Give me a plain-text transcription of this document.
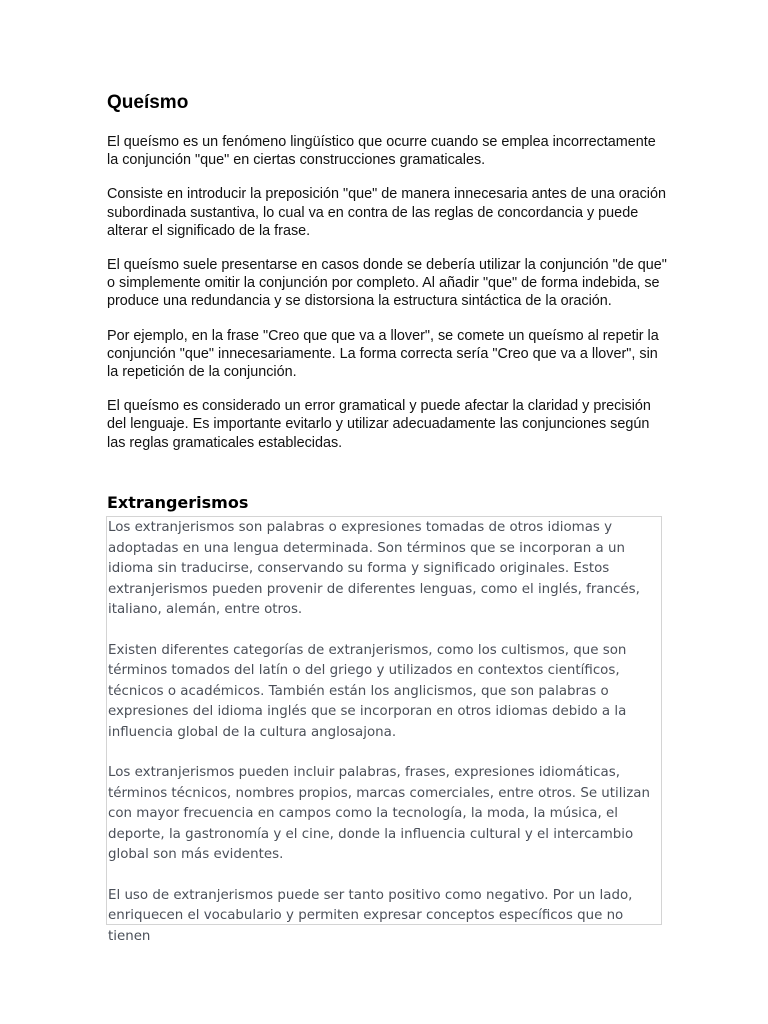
Queísmo

El queísmo es un fenómeno lingüístico que ocurre cuando se emplea incorrectamente la conjunción "que" en ciertas construcciones gramaticales.

Consiste en introducir la preposición "que" de manera innecesaria antes de una oración subordinada sustantiva, lo cual va en contra de las reglas de concordancia y puede alterar el significado de la frase.

El queísmo suele presentarse en casos donde se debería utilizar la conjunción "de que" o simplemente omitir la conjunción por completo. Al añadir "que" de forma indebida, se produce una redundancia y se distorsiona la estructura sintáctica de la oración.

Por ejemplo, en la frase "Creo que que va a llover", se comete un queísmo al repetir la conjunción "que" innecesariamente. La forma correcta sería "Creo que va a llover", sin la repetición de la conjunción.

El queísmo es considerado un error gramatical y puede afectar la claridad y precisión del lenguaje. Es importante evitarlo y utilizar adecuadamente las conjunciones según las reglas gramaticales establecidas.

Extrangerismos

Los extranjerismos son palabras o expresiones tomadas de otros idiomas y adoptadas en una lengua determinada. Son términos que se incorporan a un idioma sin traducirse, conservando su forma y significado originales. Estos extranjerismos pueden provenir de diferentes lenguas, como el inglés, francés, italiano, alemán, entre otros.

Existen diferentes categorías de extranjerismos, como los cultismos, que son términos tomados del latín o del griego y utilizados en contextos científicos, técnicos o académicos. También están los anglicismos, que son palabras o expresiones del idioma inglés que se incorporan en otros idiomas debido a la influencia global de la cultura anglosajona.

Los extranjerismos pueden incluir palabras, frases, expresiones idiomáticas, términos técnicos, nombres propios, marcas comerciales, entre otros. Se utilizan con mayor frecuencia en campos como la tecnología, la moda, la música, el deporte, la gastronomía y el cine, donde la influencia cultural y el intercambio global son más evidentes.

El uso de extranjerismos puede ser tanto positivo como negativo. Por un lado, enriquecen el vocabulario y permiten expresar conceptos específicos que no tienen
